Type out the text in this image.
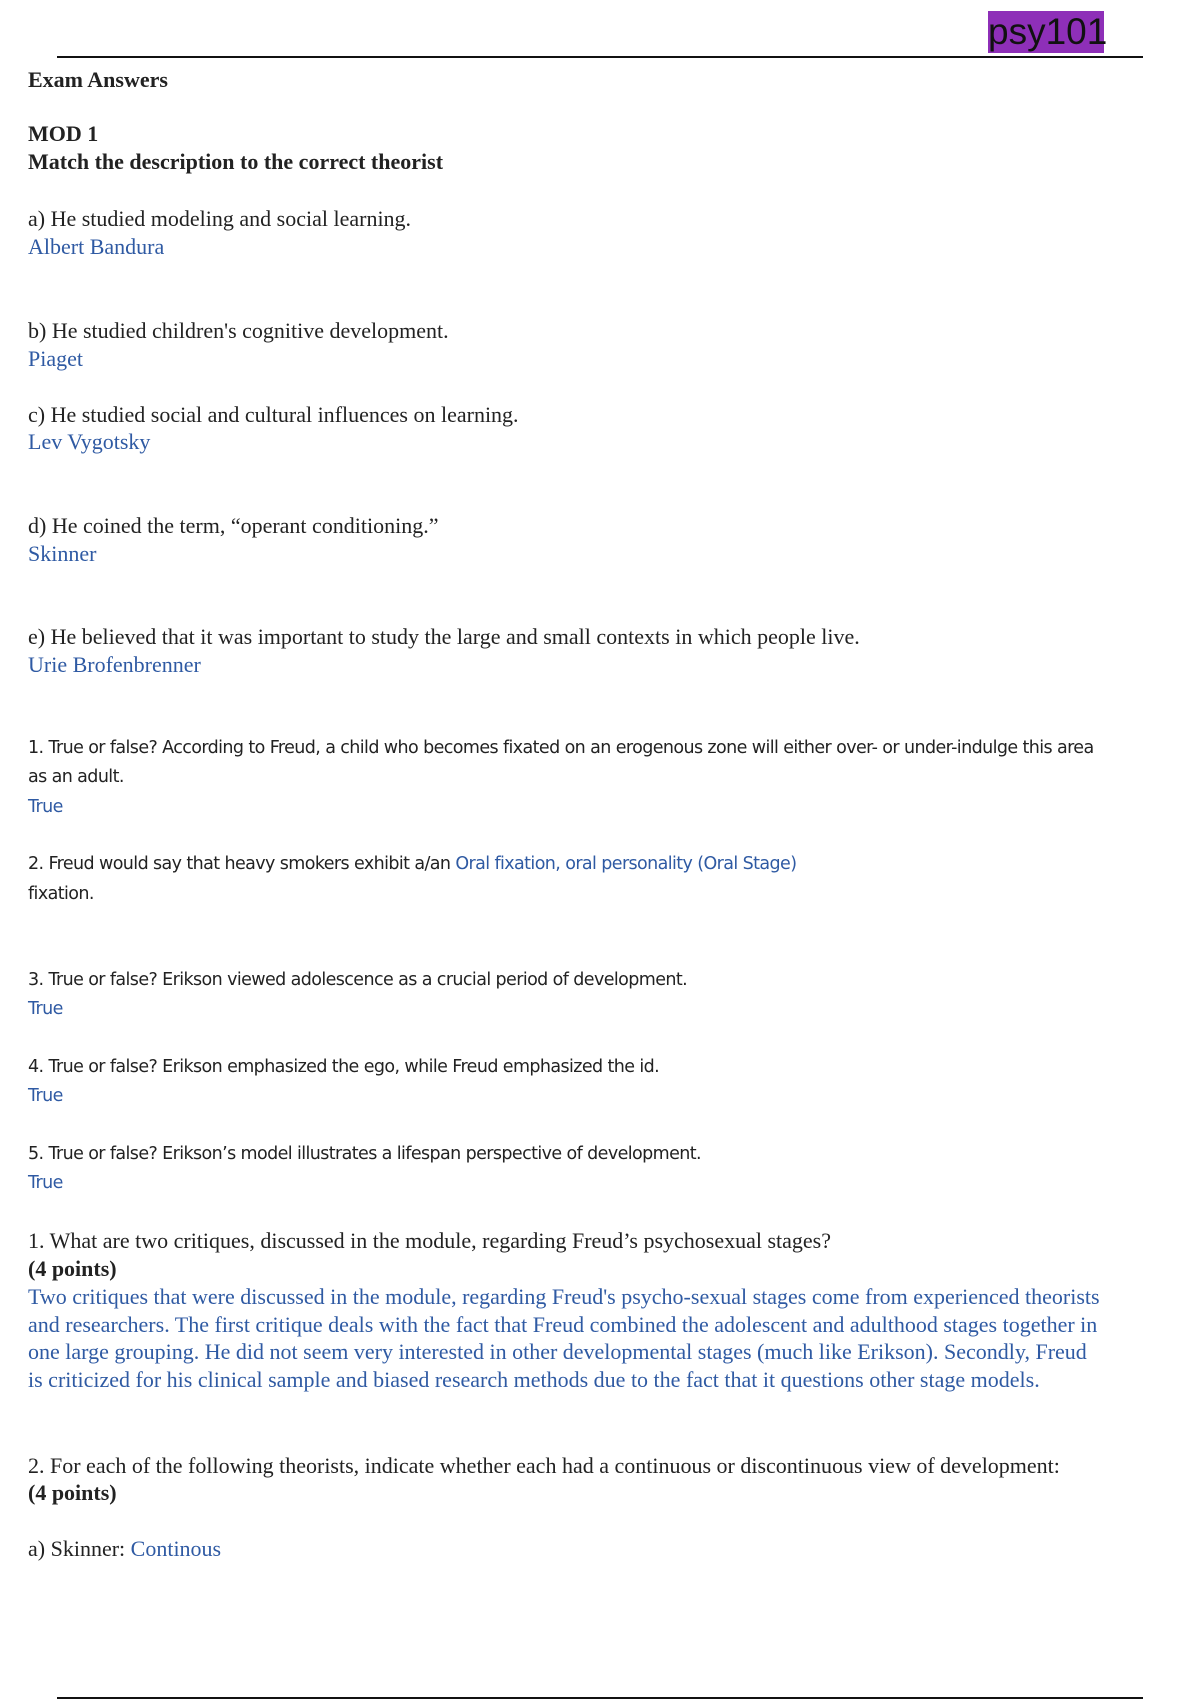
psy101
Exam Answers
MOD 1
Match the description to the correct theorist
a) He studied modeling and social learning.
Albert Bandura
b) He studied children's cognitive development.
Piaget
c) He studied social and cultural influences on learning.
Lev Vygotsky
d) He coined the term, “operant conditioning.”
Skinner
e) He believed that it was important to study the large and small contexts in which people live.
Urie Brofenbrenner
1. True or false? According to Freud, a child who becomes fixated on an erogenous zone will either over- or under-indulge this area
as an adult.
True
2. Freud would say that heavy smokers exhibit a/an Oral fixation, oral personality (Oral Stage)
fixation.
3. True or false? Erikson viewed adolescence as a crucial period of development.
True
4. True or false? Erikson emphasized the ego, while Freud emphasized the id.
True
5. True or false? Erikson’s model illustrates a lifespan perspective of development.
True
1. What are two critiques, discussed in the module, regarding Freud’s psychosexual stages?
(4 points)
Two critiques that were discussed in the module, regarding Freud's psycho-sexual stages come from experienced theorists
and researchers. The first critique deals with the fact that Freud combined the adolescent and adulthood stages together in
one large grouping. He did not seem very interested in other developmental stages (much like Erikson). Secondly, Freud
is criticized for his clinical sample and biased research methods due to the fact that it questions other stage models.
2. For each of the following theorists, indicate whether each had a continuous or discontinuous view of development:
(4 points)
a) Skinner: Continous
